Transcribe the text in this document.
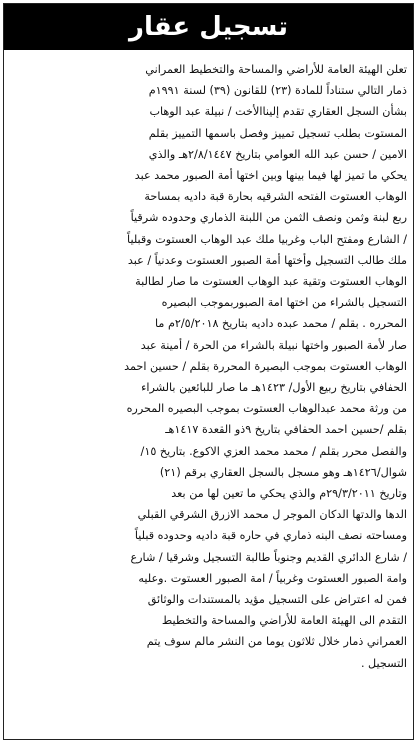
تسجيل عقار
تعلن الهيئة العامة للأراضي والمساحة والتخطيط العمراني
ذمار التالي ستناداً للمادة (٢٣) للقانون (٣٩) لسنة ١٩٩١م
بشأن السجل العقاري تقدم إليناالأخت / نبيلة عبد الوهاب
المستوت بطلب تسجيل تمييز وفصل باسمها التمييز بقلم
الامين / حسن عبد الله العوامي بتاريخ ٢/٨/١٤٤٧هـ والذي
يحكي ما تميز لها فيما بينها وبين اختها أمة الصبور محمد عبد
الوهاب العستوت الفتحه الشرقيه بحارة قبة داديه بمساحة
ربع لبنة وثمن ونصف الثمن من اللبنة الذماري وحدوده شرقياً
/ الشارع ومفتح الباب وغربيا ملك عبد الوهاب العستوت وقبلياً
ملك طالب التسجيل وأختها أمة الصبور العستوت وعدنياً / عبد
الوهاب العستوت وتقية عبد الوهاب العستوت ما صار لطالبة
التسجيل بالشراء من اختها امة الصبوربموجب البصيره
المحرره . بقلم / محمد عبده داديه بتاريخ ٢/٥/٢٠١٨م ما
صار لأمة الصبور واختها نبيلة بالشراء من الحرة / أمينة عبد
الوهاب العستوت بموجب البصيرة المحررة بقلم / حسين احمد
الحفافي بتاريخ ربيع الأول/ ١٤٢٣هـ ما صار للبائعين بالشراء
من ورثة محمد عبدالوهاب العستوت بموجب البصيره المحرره
بقلم /حسين احمد الحفافي بتاريخ ٩ذو القعدة ١٤١٧هـ
والفصل محرر بقلم / محمد محمد العزي الاكوع. بتاريخ ١٥/
شوال/١٤٢٦هـ وهو مسجل بالسجل العقاري برقم (٢١)
وتاريخ ٢٩/٣/٢٠١١م والذي يحكي ما تعين لها من بعد
الدها والدتها الدكان الموجر ل محمد الازرق الشرقي القبلي
ومساحته نصف البنه ذماري في حاره قبة داديه وحدوده قبلياً
/ شارع الدائري القديم وجنوباً طالبة التسجيل وشرقيا / شارع
وامة الصبور العستوت وغربياً / امة الصبور العستوت .وعليه
فمن له اعتراض على التسجيل مؤيد بالمستندات والوثائق
التقدم الى الهيئة العامة للأراضي والمساحة والتخطيط
العمراني ذمار خلال ثلاثون يوما من النشر مالم سوف يتم
التسجيل .
